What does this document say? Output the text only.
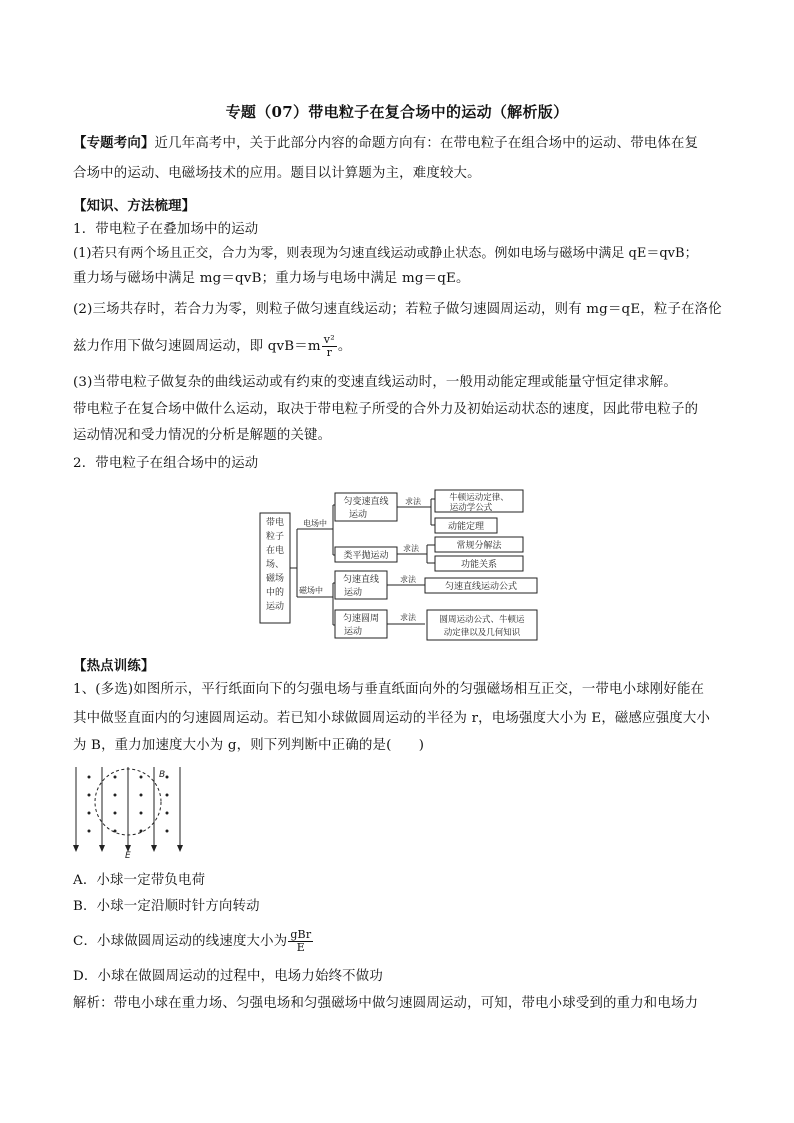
专题（07）带电粒子在复合场中的运动（解析版）
【专题考向】近几年高考中，关于此部分内容的命题方向有：在带电粒子在组合场中的运动、带电体在复
合场中的运动、电磁场技术的应用。题目以计算题为主，难度较大。
【知识、方法梳理】
1．带电粒子在叠加场中的运动
(1)若只有两个场且正交，合力为零，则表现为匀速直线运动或静止状态。例如电场与磁场中满足 qE＝qvB；
重力场与磁场中满足 mg＝qvB；重力场与电场中满足 mg＝qE。
(2)三场共存时，若合力为零，则粒子做匀速直线运动；若粒子做匀速圆周运动，则有 mg＝qE，粒子在洛伦
兹力作用下做匀速圆周运动，即 $qvB=m \frac{\text{v²}}{r}$ 。
(3)当带电粒子做复杂的曲线运动或有约束的变速直线运动时，一般用动能定理或能量守恒定律求解。
带电粒子在复合场中做什么运动，取决于带电粒子所受的合外力及初始运动状态的速度，因此带电粒子的
运动情况和受力情况的分析是解题的关键。
2．带电粒子在组合场中的运动
带电
粒子
在电
场、
磁场
中的
运动
电场中
磁场中
匀变速直线
运动
类平抛运动
匀速直线
运动
匀速圆周
运动
求法
求法
求法
求法
牛顿运动定律、
运动学公式
动能定理
常规分解法
功能关系
匀速直线运动公式
圆周运动公式、牛顿运
动定律以及几何知识
【热点训练】
1、(多选)如图所示，平行纸面向下的匀强电场与垂直纸面向外的匀强磁场相互正交，一带电小球刚好能在
其中做竖直面内的匀速圆周运动。若已知小球做圆周运动的半径为 r，电场强度大小为 E，磁感应强度大小
为 B，重力加速度大小为 g，则下列判断中正确的是(　　)
B
E
A．小球一定带负电荷
B．小球一定沿顺时针方向转动
C．小球做圆周运动的线速度大小为 $\frac{\text{gBr}}{E}$
D．小球在做圆周运动的过程中，电场力始终不做功
解析：带电小球在重力场、匀强电场和匀强磁场中做匀速圆周运动，可知，带电小球受到的重力和电场力
